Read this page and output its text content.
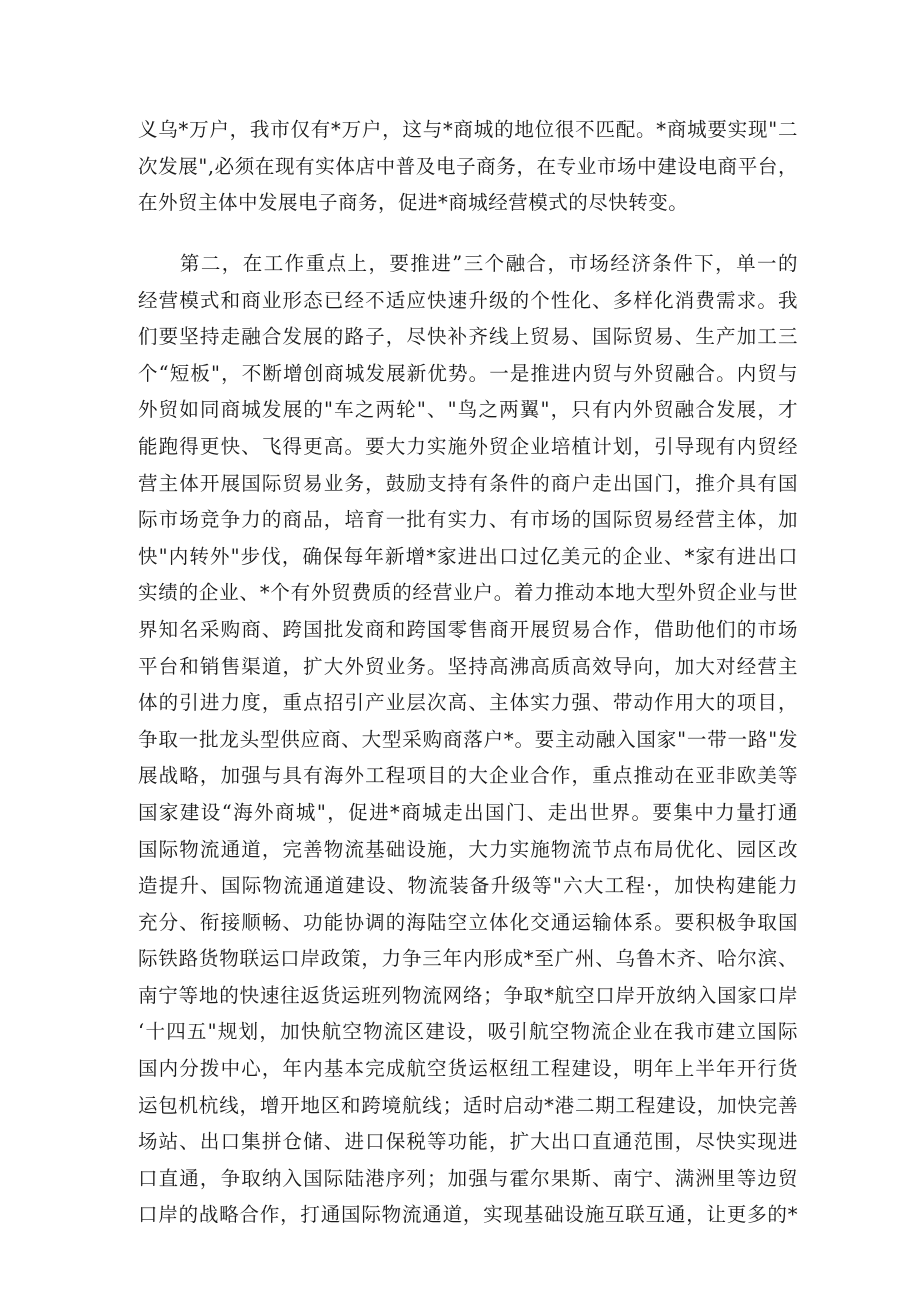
义乌*万户，我市仅有*万户，这与*商城的地位很不匹配。*商城要实现"二
次发展",必须在现有实体店中普及电子商务，在专业市场中建设电商平台，
在外贸主体中发展电子商务，促进*商城经营模式的尽快转变。
　　第二，在工作重点上，要推进”三个融合，市场经济条件下，单一的
经营模式和商业形态已经不适应快速升级的个性化、多样化消费需求。我
们要坚持走融合发展的路子，尽快补齐线上贸易、国际贸易、生产加工三
个“短板"，不断增创商城发展新优势。一是推进内贸与外贸融合。内贸与
外贸如同商城发展的"车之两轮"、"鸟之两翼"，只有内外贸融合发展，才
能跑得更快、飞得更高。要大力实施外贸企业培植计划，引导现有内贸经
营主体开展国际贸易业务，鼓励支持有条件的商户走出国门，推介具有国
际市场竞争力的商品，培育一批有实力、有市场的国际贸易经营主体，加
快"内转外"步伐，确保每年新增*家进出口过亿美元的企业、*家有进出口
实绩的企业、*个有外贸费质的经营业户。着力推动本地大型外贸企业与世
界知名采购商、跨国批发商和跨国零售商开展贸易合作，借助他们的市场
平台和销售渠道，扩大外贸业务。坚持高沸高质高效导向，加大对经营主
体的引进力度，重点招引产业层次高、主体实力强、带动作用大的项目，
争取一批龙头型供应商、大型采购商落户*。要主动融入国家"一带一路"发
展战略，加强与具有海外工程项目的大企业合作，重点推动在亚非欧美等
国家建设“海外商城"，促进*商城走出国门、走出世界。要集中力量打通
国际物流通道，完善物流基础设施，大力实施物流节点布局优化、园区改
造提升、国际物流通道建设、物流装备升级等"六大工程·，加快构建能力
充分、衔接顺畅、功能协调的海陆空立体化交通运输体系。要积极争取国
际铁路货物联运口岸政策，力争三年内形成*至广州、乌鲁木齐、哈尔滨、
南宁等地的快速往返货运班列物流网络；争取*航空口岸开放纳入国家口岸
‘十四五"规划，加快航空物流区建设，吸引航空物流企业在我市建立国际
国内分拨中心，年内基本完成航空货运枢纽工程建设，明年上半年开行货
运包机杭线，增开地区和跨境航线；适时启动*港二期工程建设，加快完善
场站、出口集拼仓储、进口保税等功能，扩大出口直通范围，尽快实现进
口直通，争取纳入国际陆港序列；加强与霍尔果斯、南宁、满洲里等边贸
口岸的战略合作，打通国际物流通道，实现基础设施互联互通，让更多的*
